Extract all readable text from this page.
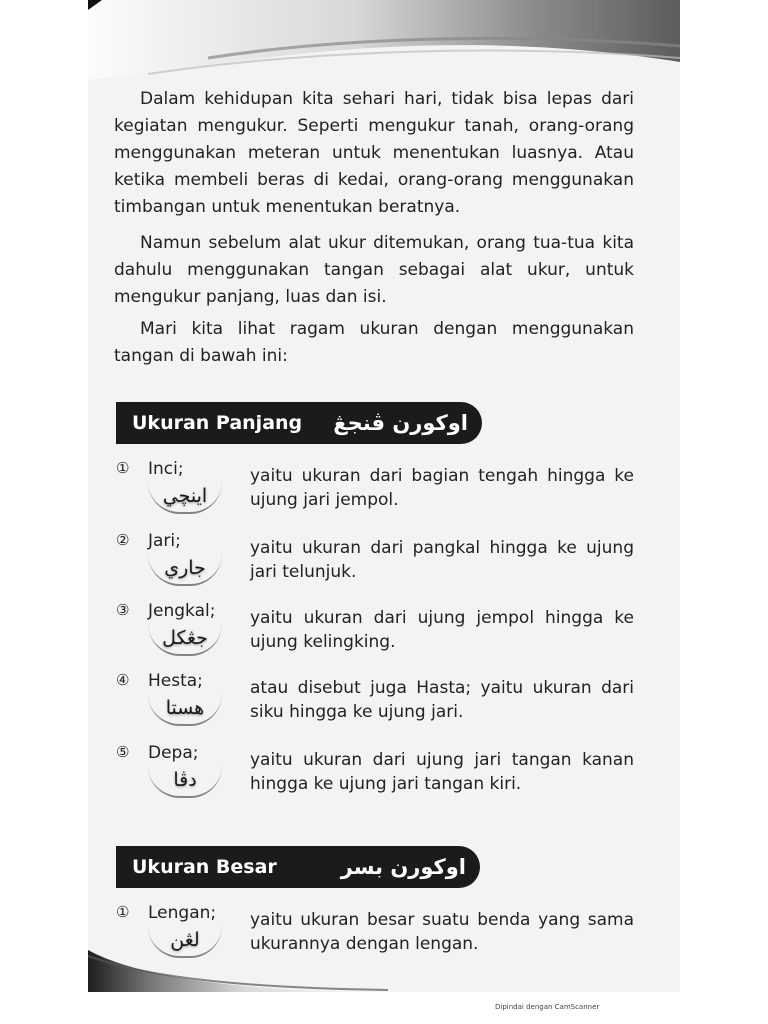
Dalam kehidupan kita sehari hari, tidak bisa lepas dari kegiatan mengukur. Seperti mengukur tanah, orang-orang menggunakan meteran untuk menentukan luasnya. Atau ketika membeli beras di kedai, orang-orang menggunakan timbangan untuk menentukan beratnya.

Namun sebelum alat ukur ditemukan, orang tua-tua kita dahulu menggunakan tangan sebagai alat ukur, untuk mengukur panjang, luas dan isi.

Mari kita lihat ragam ukuran dengan menggunakan tangan di bawah ini:

Ukuran Panjang اوكورن ڤنجڠ
① Inci;
اينچي

yaitu ukuran dari bagian tengah hingga ke ujung jari jempol.

② Jari;
جاري

yaitu ukuran dari pangkal hingga ke ujung jari telunjuk.

③ Jengkal;
جڠكل

yaitu ukuran dari ujung jempol hingga ke ujung kelingking.

④ Hesta;
هستا

atau disebut juga Hasta; yaitu ukuran dari siku hingga ke ujung jari.

⑤ Depa;
دڤا

yaitu ukuran dari ujung jari tangan kanan hingga ke ujung jari tangan kiri.

Ukuran Besar	اوكورن بسر
① Lengan;
لڠن

yaitu ukuran besar suatu benda yang sama ukurannya dengan lengan.

Dipindai dengan CamScanner
